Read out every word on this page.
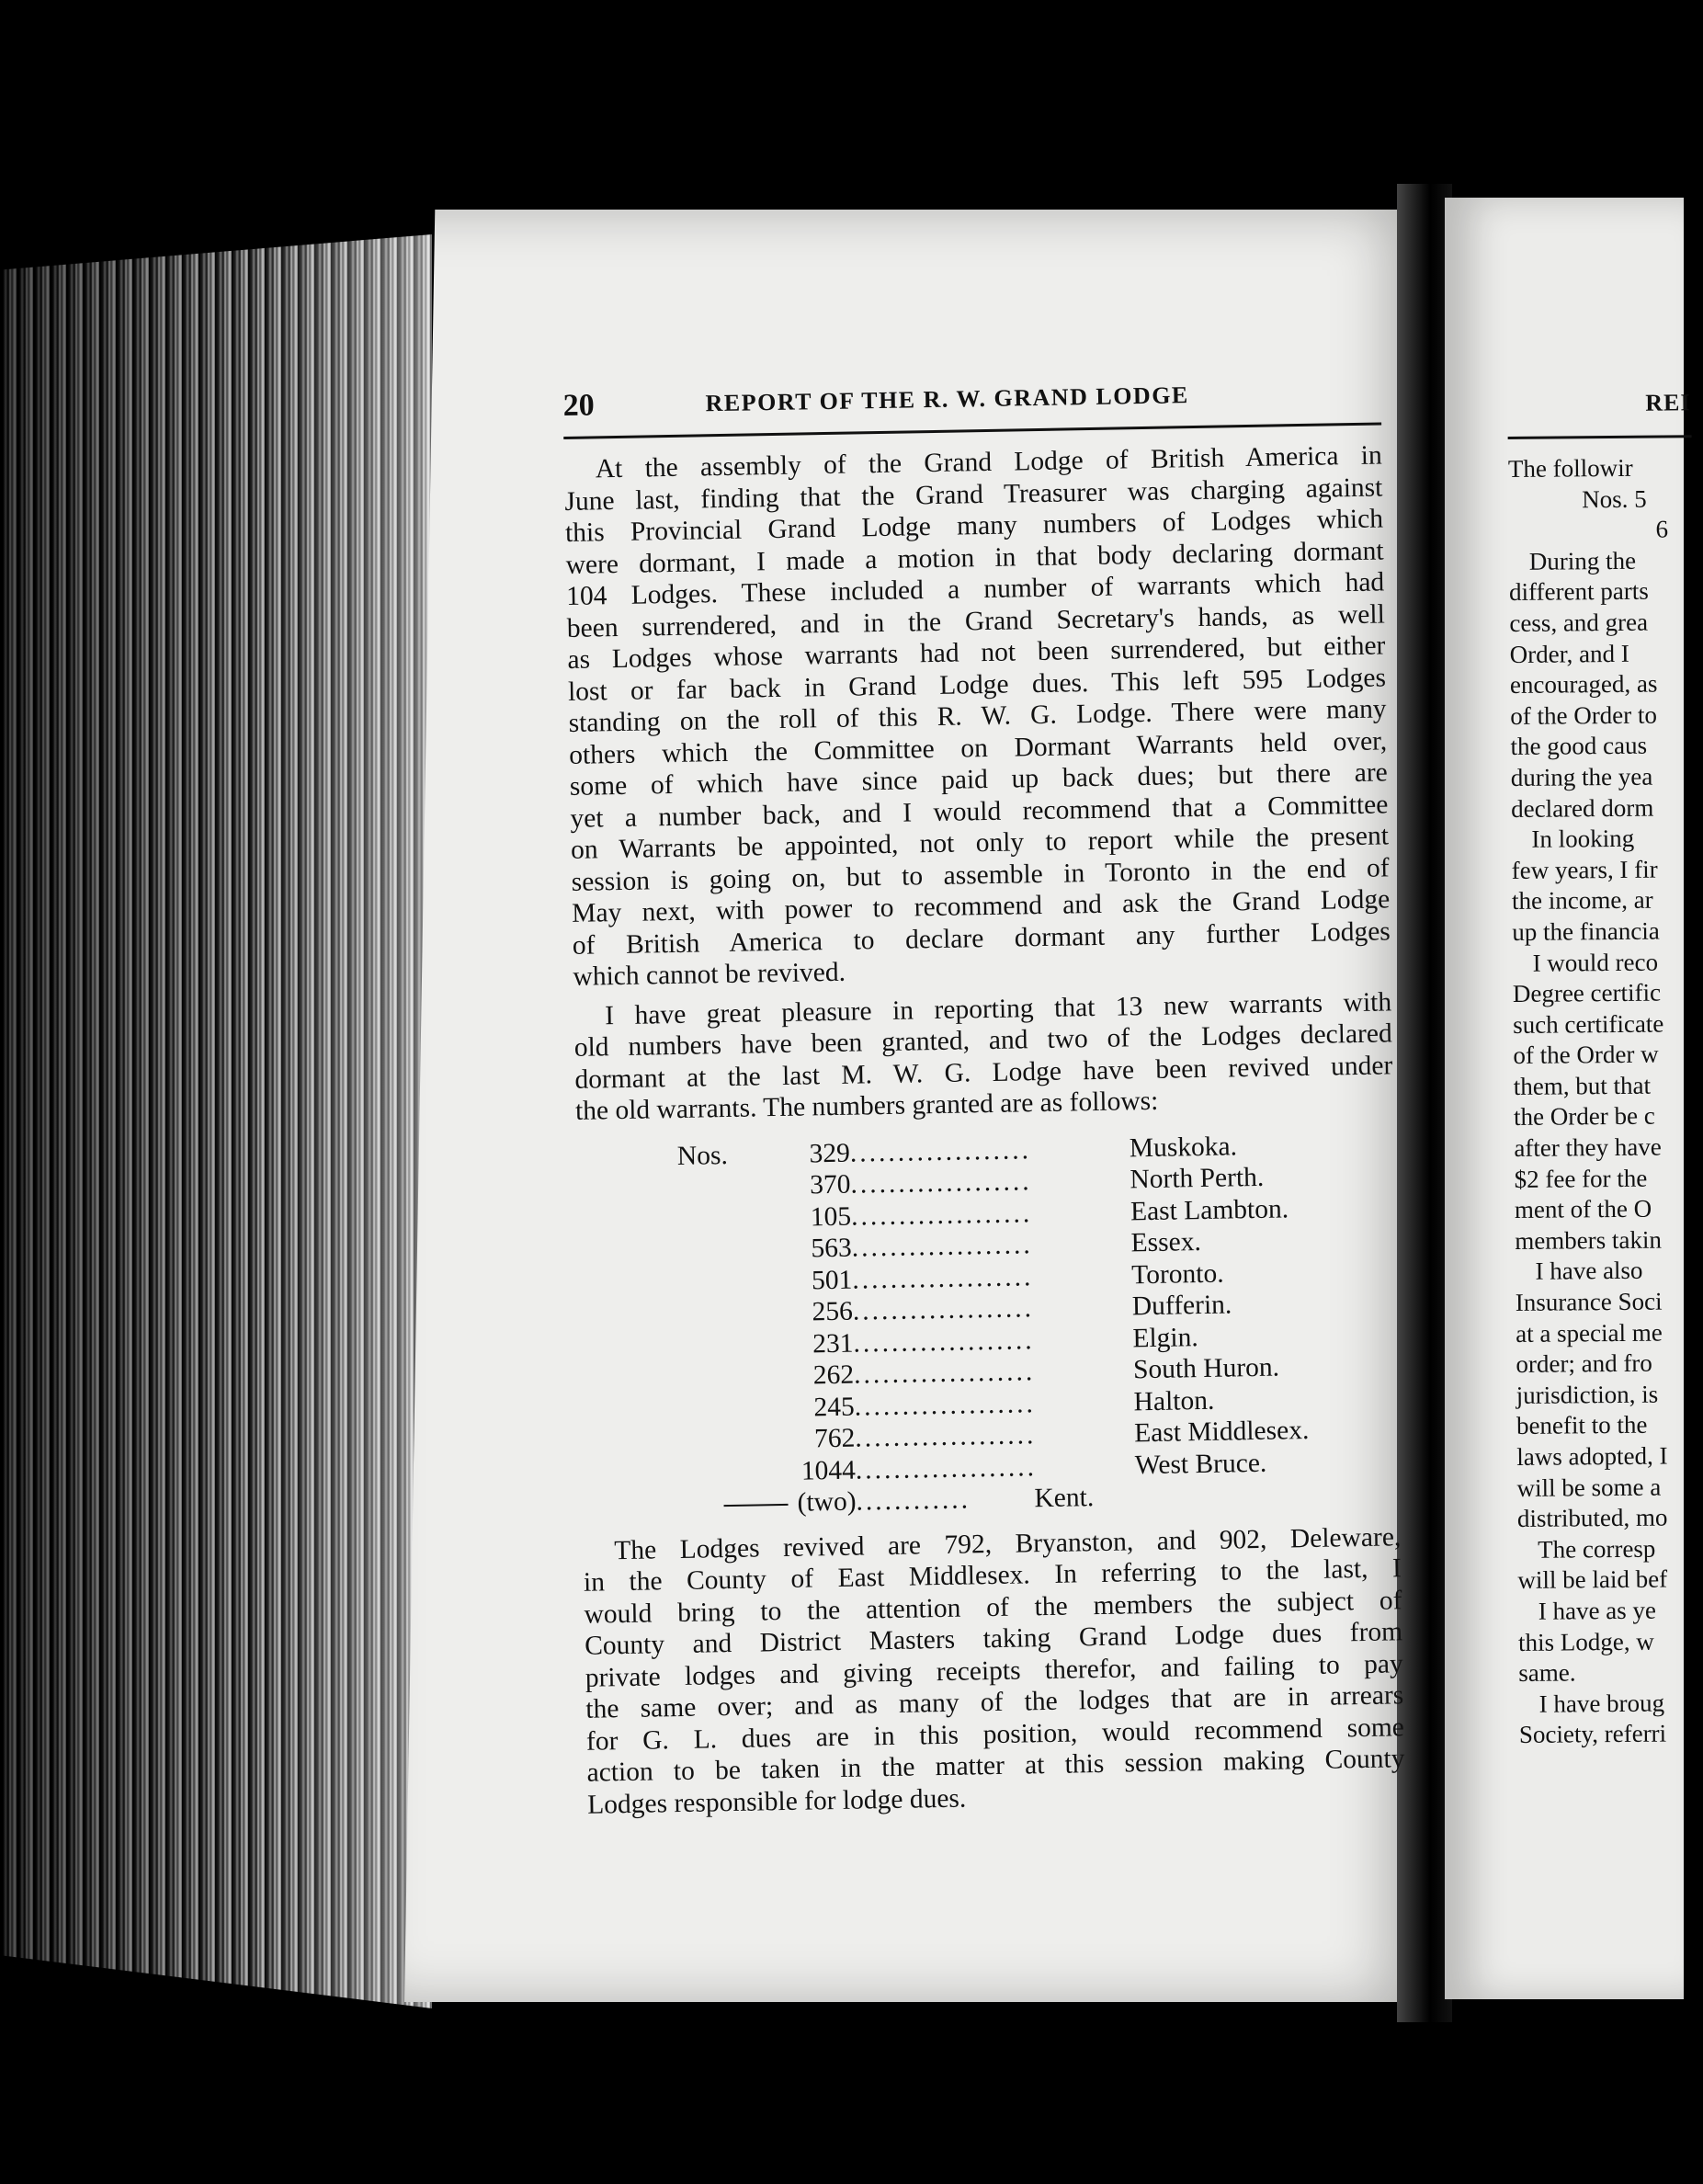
20	REPORT OF THE R. W. GRAND LODGE

At the assembly of the Grand Lodge of British America in
June last, finding that the Grand Treasurer was charging against
this Provincial Grand Lodge many numbers of Lodges which
were dormant, I made a motion in that body declaring dormant
104 Lodges. These included a number of warrants which had
been surrendered, and in the Grand Secretary's hands, as well
as Lodges whose warrants had not been surrendered, but either
lost or far back in Grand Lodge dues. This left 595 Lodges
standing on the roll of this R. W. G. Lodge. There were many
others which the Committee on Dormant Warrants held over,
some of which have since paid up back dues; but there are
yet a number back, and I would recommend that a Committee
on Warrants be appointed, not only to report while the present
session is going on, but to assemble in Toronto in the end of
May next, with power to recommend and ask the Grand Lodge
of British America to declare dormant any further Lodges
which cannot be revived.

I have great pleasure in reporting that 13 new warrants with
old numbers have been granted, and two of the Lodges declared
dormant at the last M. W. G. Lodge have been revived under
the old warrants. The numbers granted are as follows:

Nos.	329 ...................	Muskoka.
370 ...................	North Perth.
105 ...................	East Lambton.
563 ...................	Essex.
501 ...................	Toronto.
256 ...................	Dufferin.
231 ...................	Elgin.
262 ...................	South Huron.
245 ...................	Halton.
762 ...................	East Middlesex.
1044 ...................	West Bruce.
(two) ............	Kent.

The Lodges revived are 792, Bryanston, and 902, Deleware,
in the County of East Middlesex. In referring to the last, I
would bring to the attention of the members the subject of
County and District Masters taking Grand Lodge dues from
private lodges and giving receipts therefor, and failing to pay
the same over; and as many of the lodges that are in arrears
for G. L. dues are in this position, would recommend some
action to be taken in the matter at this session making County
Lodges responsible for lodge dues.

REI
The followir
Nos. 5
6
During the
different parts
cess, and grea
Order, and I
encouraged, as
of the Order to
the good caus
during the yea
declared dorm
In looking
few years, I fir
the income, ar
up the financia
I would reco
Degree certific
such certificate
of the Order w
them, but that
the Order be c
after they have
$2 fee for the
ment of the O
members takin
I have also
Insurance Soci
at a special me
order; and fro
jurisdiction, is
benefit to the
laws adopted, I
will be some a
distributed, mo
The corresp
will be laid bef
I have as ye
this Lodge, w
same.
I have broug
Society, referri
